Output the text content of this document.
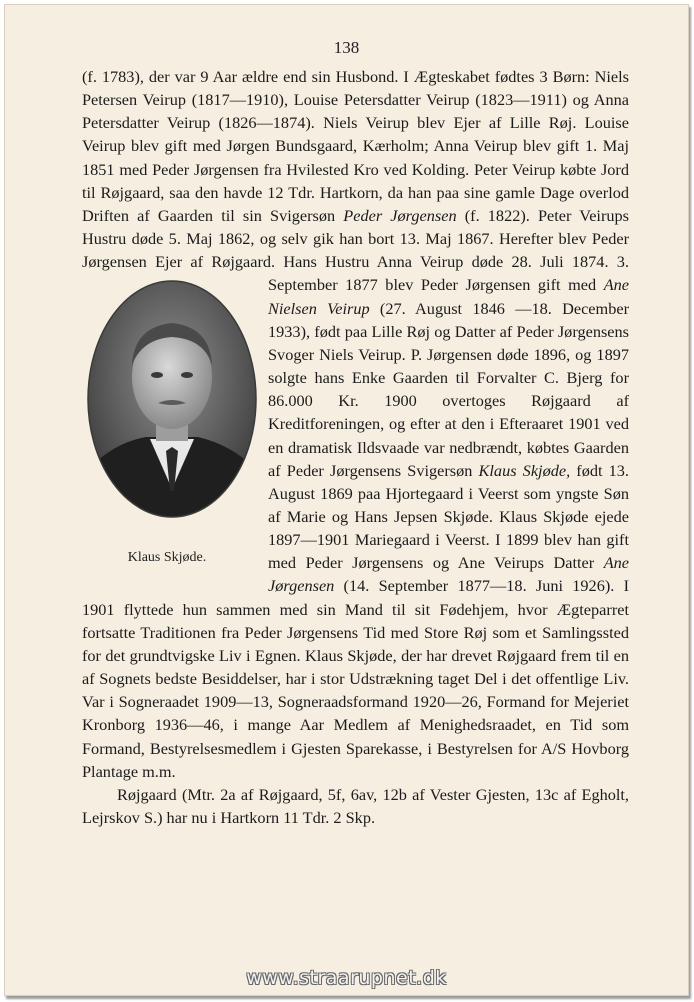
138

(f. 1783), der var 9 Aar ældre end sin Husbond. I Ægteskabet fødtes 3 Børn: Niels Petersen Veirup (1817—1910), Louise Petersdatter Veirup (1823—1911) og Anna Petersdatter Veirup (1826—1874). Niels Veirup blev Ejer af Lille Røj. Louise Veirup blev gift med Jørgen Bundsgaard, Kærholm; Anna Veirup blev gift 1. Maj 1851 med Peder Jørgensen fra Hvilested Kro ved Kolding. Peter Veirup købte Jord til Røjgaard, saa den havde 12 Tdr. Hartkorn, da han paa sine gamle Dage overlod Driften af Gaarden til sin Svigersøn Peder Jørgensen (f. 1822). Peter Veirups Hustru døde 5. Maj 1862, og selv gik han bort 13. Maj 1867. Herefter blev Peder Jørgensen Ejer af Røjgaard. Hans Hustru Anna Veirup døde 28. Juli 1874. 3. September 1877 blev Peder Jørgensen gift med
Klaus Skjøde.
Ane Nielsen Veirup (27. August 1846 —18. December 1933), født paa Lille Røj og Datter af Peder Jørgensens Svoger Niels Veirup. P. Jørgensen døde 1896, og 1897 solgte hans Enke Gaarden til Forvalter C. Bjerg for 86.000 Kr. 1900 overtoges Røjgaard af Kreditforeningen, og efter at den i Efteraaret 1901 ved en dramatisk Ildsvaade var nedbrændt, købtes Gaarden af Peder Jørgensens Svigersøn Klaus Skjøde, født 13. August 1869 paa Hjortegaard i Veerst som yngste Søn af Marie og Hans Jepsen Skjøde. Klaus Skjøde ejede 1897—1901 Mariegaard i Veerst. I 1899 blev han gift med Peder Jørgensens og Ane Veirups Datter Ane Jørgensen (14. September 1877—18. Juni 1926). I 1901 flyttede hun sammen med sin Mand til sit Fødehjem, hvor Ægteparret fortsatte Traditionen fra Peder Jørgensens Tid med Store Røj som et Samlingssted for det grundtvigske Liv i Egnen. Klaus Skjøde, der har drevet Røjgaard frem til en af Sognets bedste Besiddelser, har i stor Udstrækning taget Del i det offentlige Liv. Var i Sogneraadet 1909—13, Sogneraadsformand 1920—26, Formand for Mejeriet Kronborg 1936—46, i mange Aar Medlem af Menighedsraadet, en Tid som Formand, Bestyrelsesmedlem i Gjesten Sparekasse, i Bestyrelsen for A/S Hovborg Plantage m.m.

Røjgaard (Mtr. 2a af Røjgaard, 5f, 6av, 12b af Vester Gjesten, 13c af Egholt, Lejrskov S.) har nu i Hartkorn 11 Tdr. 2 Skp.

www.straarupnet.dk
